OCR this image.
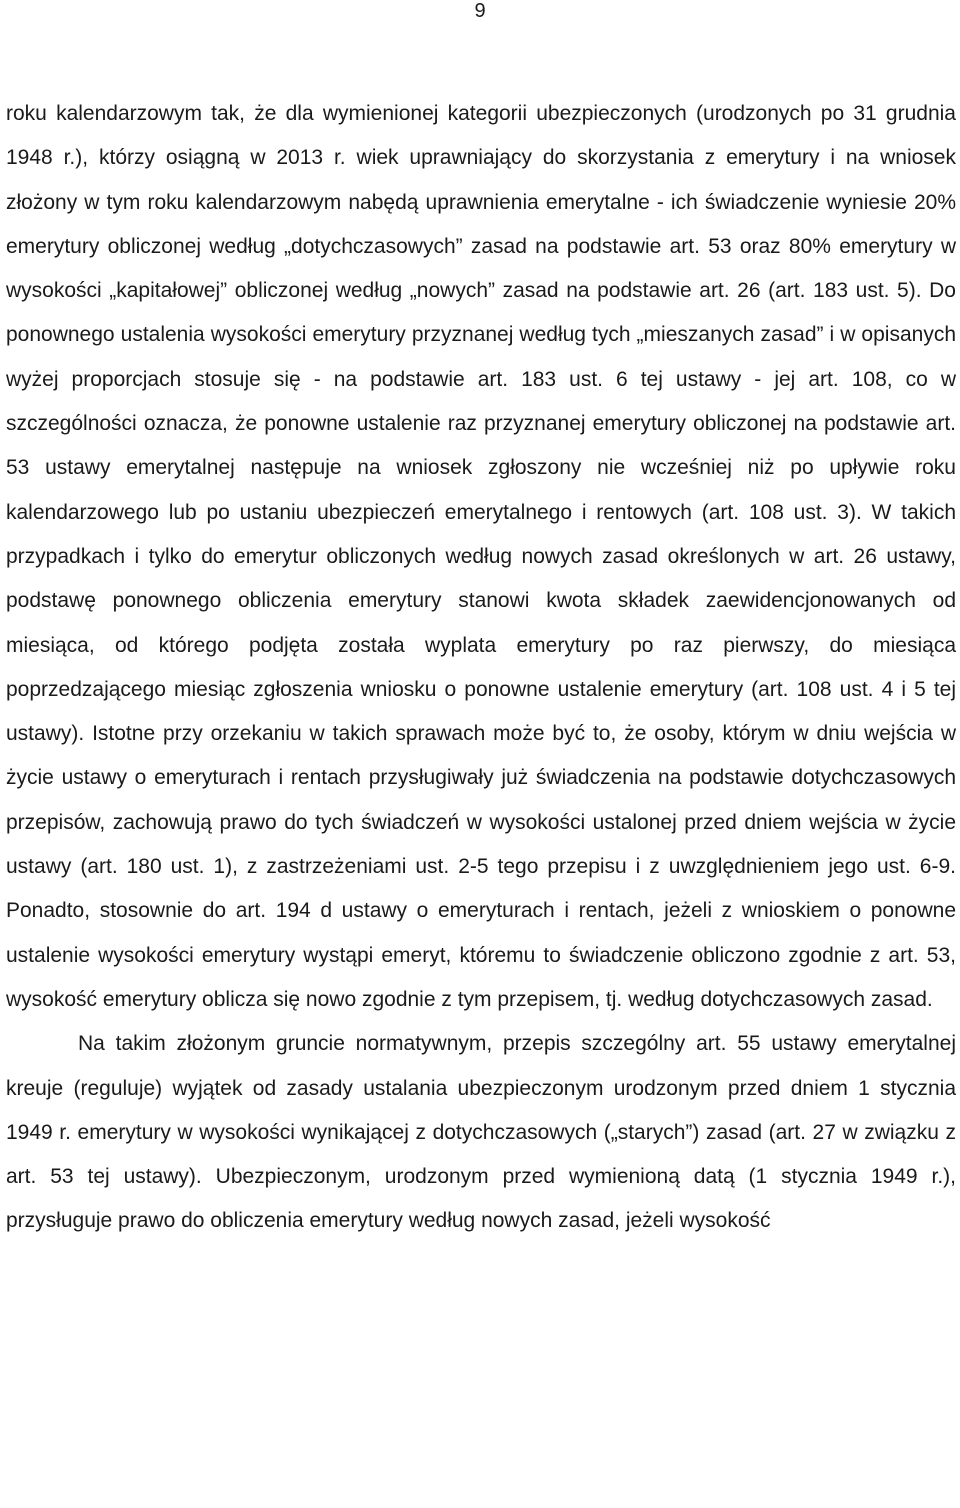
9

roku kalendarzowym tak, że dla wymienionej kategorii ubezpieczonych (urodzonych po 31 grudnia 1948 r.), którzy osiągną w 2013 r. wiek uprawniający do skorzystania z emerytury i na wniosek złożony w tym roku kalendarzowym nabędą uprawnienia emerytalne - ich świadczenie wyniesie 20% emerytury obliczonej według „dotychczasowych” zasad na podstawie art. 53 oraz 80% emerytury w wysokości „kapitałowej” obliczonej według „nowych” zasad na podstawie art. 26 (art. 183 ust. 5). Do ponownego ustalenia wysokości emerytury przyznanej według tych „mieszanych zasad” i w opisanych wyżej proporcjach stosuje się - na podstawie art. 183 ust. 6 tej ustawy - jej art. 108, co w szczególności oznacza, że ponowne ustalenie raz przyznanej emerytury obliczonej na podstawie art. 53 ustawy emerytalnej następuje na wniosek zgłoszony nie wcześniej niż po upływie roku kalendarzowego lub po ustaniu ubezpieczeń emerytalnego i rentowych (art. 108 ust. 3). W takich przypadkach i tylko do emerytur obliczonych według nowych zasad określonych w art. 26 ustawy, podstawę ponownego obliczenia emerytury stanowi kwota składek zaewidencjonowanych od miesiąca, od którego podjęta została wyplata emerytury po raz pierwszy, do miesiąca poprzedzającego miesiąc zgłoszenia wniosku o ponowne ustalenie emerytury (art. 108 ust. 4 i 5 tej ustawy). Istotne przy orzekaniu w takich sprawach może być to, że osoby, którym w dniu wejścia w życie ustawy o emeryturach i rentach przysługiwały już świadczenia na podstawie dotychczasowych przepisów, zachowują prawo do tych świadczeń w wysokości ustalonej przed dniem wejścia w życie ustawy (art. 180 ust. 1), z zastrzeżeniami ust. 2-5 tego przepisu i z uwzględnieniem jego ust. 6-9. Ponadto, stosownie do art. 194 d ustawy o emeryturach i rentach, jeżeli z wnioskiem o ponowne ustalenie wysokości emerytury wystąpi emeryt, któremu to świadczenie obliczono zgodnie z art. 53, wysokość emerytury oblicza się nowo zgodnie z tym przepisem, tj. według dotychczasowych zasad.

Na takim złożonym gruncie normatywnym, przepis szczególny art. 55 ustawy emerytalnej kreuje (reguluje) wyjątek od zasady ustalania ubezpieczonym urodzonym przed dniem 1 stycznia 1949 r. emerytury w wysokości wynikającej z dotychczasowych („starych”) zasad (art. 27 w związku z art. 53 tej ustawy). Ubezpieczonym, urodzonym przed wymienioną datą (1 stycznia 1949 r.), przysługuje prawo do obliczenia emerytury według nowych zasad, jeżeli wysokość
